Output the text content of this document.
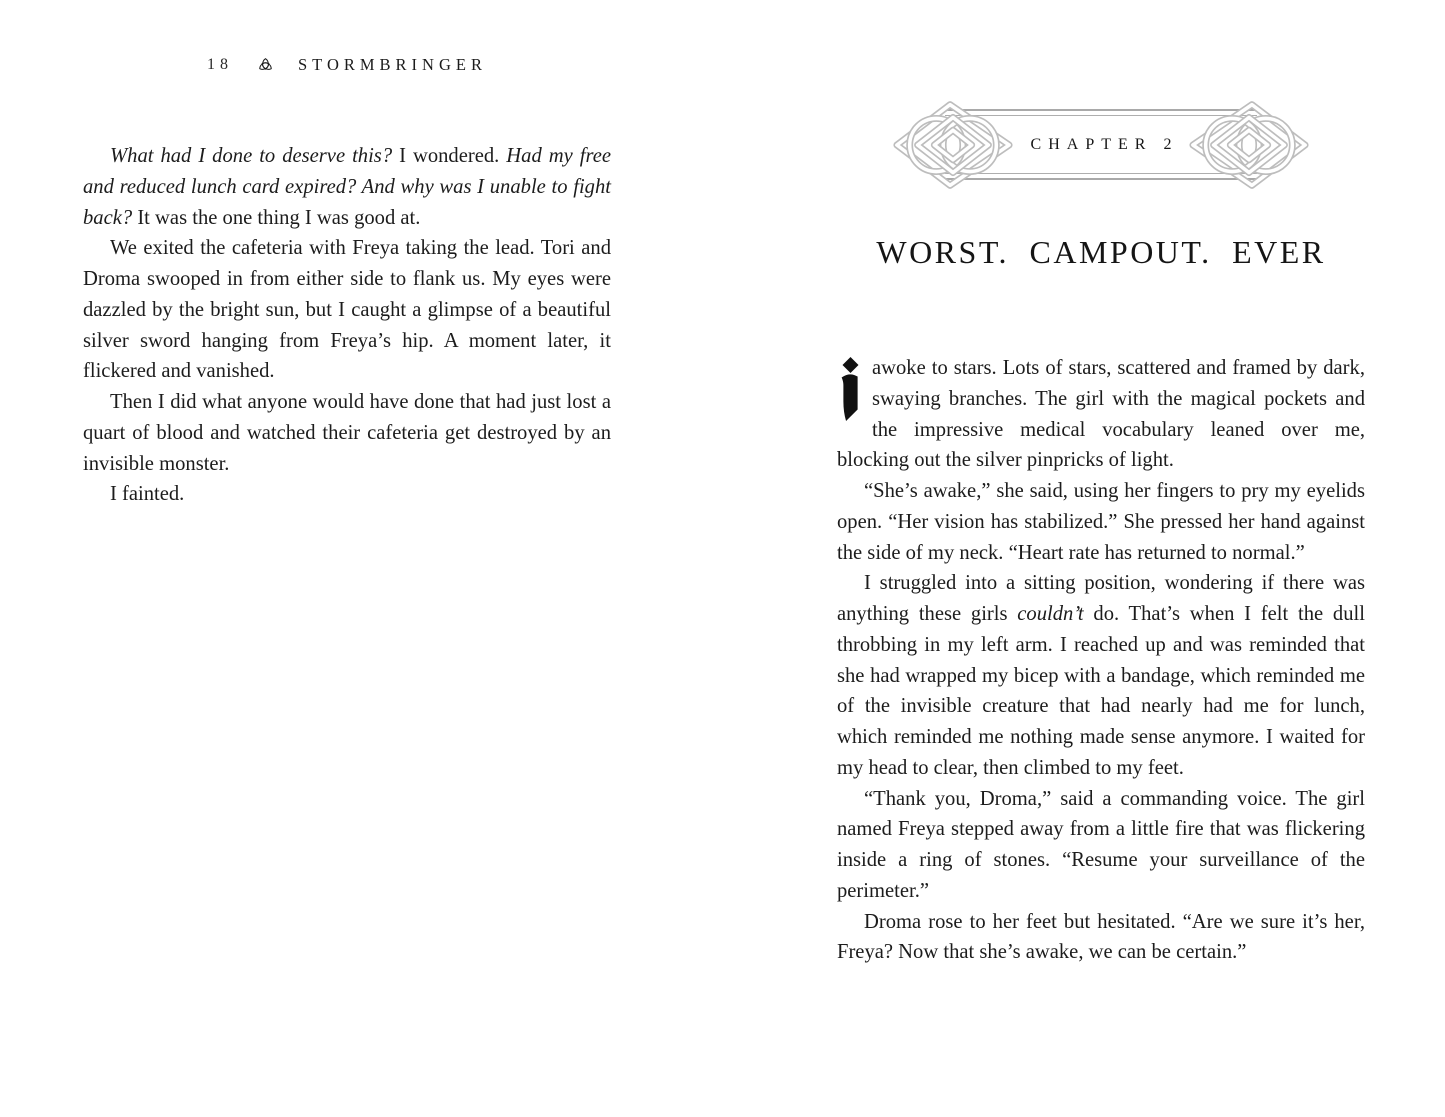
18	STORMBRINGER

What had I done to deserve this? I wondered. Had my free and reduced lunch card expired? And why was I unable to fight back? It was the one thing I was good at.

We exited the cafeteria with Freya taking the lead. Tori and Droma swooped in from either side to flank us. My eyes were dazzled by the bright sun, but I caught a glimpse of a beautiful silver sword hanging from Freya’s hip. A moment later, it flickered and vanished.

Then I did what anyone would have done that had just lost a quart of blood and watched their cafeteria get destroyed by an invisible monster.

I fainted.

CHAPTER 2
WORST. CAMPOUT. EVER

awoke to stars. Lots of stars, scattered and framed by dark, swaying branches. The girl with the magical pockets and the impressive medical vocabulary leaned over me, blocking out the silver pinpricks of light.

“She’s awake,” she said, using her fingers to pry my eyelids open. “Her vision has stabilized.” She pressed her hand against the side of my neck. “Heart rate has returned to normal.”

I struggled into a sitting position, wondering if there was anything these girls couldn’t do. That’s when I felt the dull throbbing in my left arm. I reached up and was reminded that she had wrapped my bicep with a bandage, which reminded me of the invisible creature that had nearly had me for lunch, which reminded me nothing made sense anymore. I waited for my head to clear, then climbed to my feet.

“Thank you, Droma,” said a commanding voice. The girl named Freya stepped away from a little fire that was flickering inside a ring of stones. “Resume your surveillance of the perimeter.”

Droma rose to her feet but hesitated. “Are we sure it’s her, Freya? Now that she’s awake, we can be certain.”
